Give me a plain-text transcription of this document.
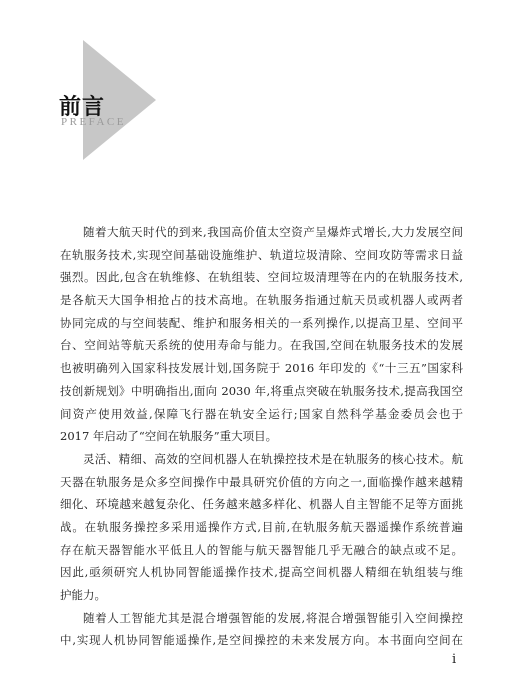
前言
PREFACE
随着大航天时代的到来,我国高价值太空资产呈爆炸式增长,大力发展空间
在轨服务技术,实现空间基础设施维护、轨道垃圾清除、空间攻防等需求日益
强烈。因此,包含在轨维修、在轨组装、空间垃圾清理等在内的在轨服务技术,
是各航天大国争相抢占的技术高地。在轨服务指通过航天员或机器人或两者
协同完成的与空间装配、维护和服务相关的一系列操作,以提高卫星、空间平
台、空间站等航天系统的使用寿命与能力。在我国,空间在轨服务技术的发展
也被明确列入国家科技发展计划,国务院于 2016 年印发的《“十三五”国家科
技创新规划》中明确指出,面向 2030 年,将重点突破在轨服务技术,提高我国空
间资产使用效益,保障飞行器在轨安全运行;国家自然科学基金委员会也于
2017 年启动了“空间在轨服务”重大项目。
灵活、精细、高效的空间机器人在轨操控技术是在轨服务的核心技术。航
天器在轨服务是众多空间操作中最具研究价值的方向之一,面临操作越来越精
细化、环境越来越复杂化、任务越来越多样化、机器人自主智能不足等方面挑
战。在轨服务操控多采用遥操作方式,目前,在轨服务航天器遥操作系统普遍
存在航天器智能水平低且人的智能与航天器智能几乎无融合的缺点或不足。
因此,亟须研究人机协同智能遥操作技术,提高空间机器人精细在轨组装与维
护能力。
随着人工智能尤其是混合增强智能的发展,将混合增强智能引入空间操控
中,实现人机协同智能遥操作,是空间操控的未来发展方向。本书面向空间在
i
